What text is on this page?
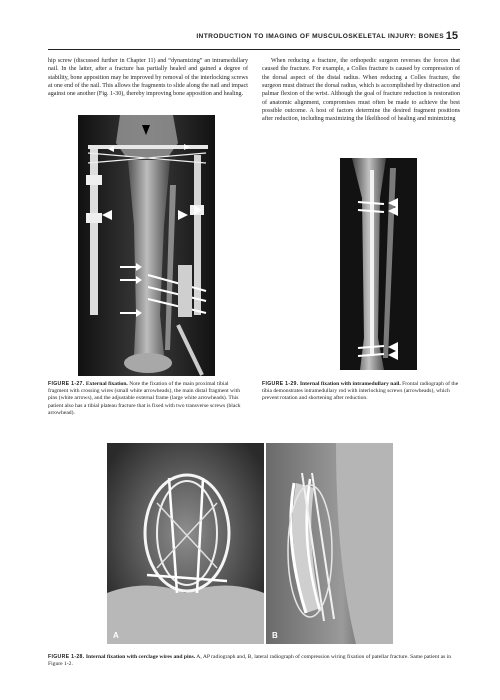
INTRODUCTION TO IMAGING OF MUSCULOSKELETAL INJURY: BONES 15
hip screw (discussed further in Chapter 11) and “dynamizing” an intramedullary nail. In the latter, after a fracture has partially healed and gained a degree of stability, bone apposition may be improved by removal of the interlocking screws at one end of the nail. This allows the fragments to slide along the nail and impact against one another (Fig. 1-30), thereby improving bone apposition and healing.
When reducing a fracture, the orthopedic surgeon reverses the forces that caused the fracture. For example, a Colles fracture is caused by compression of the dorsal aspect of the distal radius. When reducing a Colles fracture, the surgeon must distract the dorsal radius, which is accomplished by distraction and palmar flexion of the wrist. Although the goal of fracture reduction is restoration of anatomic alignment, compromises must often be made to achieve the best possible outcome. A host of factors determine the desired fragment positions after reduction, including maximizing the likelihood of healing and minimizing
FIGURE 1-27. External fixation. Note the fixation of the main proximal tibial fragment with crossing wires (small white arrowheads), the main distal fragment with pins (white arrows), and the adjustable external frame (large white arrowheads). This patient also has a tibial plateau fracture that is fixed with two transverse screws (black arrowhead).
FIGURE 1-29. Internal fixation with intramedullary nail. Frontal radiograph of the tibia demonstrates intramedullary rod with interlocking screws (arrowheads), which prevent rotation and shortening after reduction.
A	B
FIGURE 1-28. Internal fixation with cerclage wires and pins. A, AP radiograph and, B, lateral radiograph of compression wiring fixation of patellar fracture. Same patient as in Figure 1-2.
